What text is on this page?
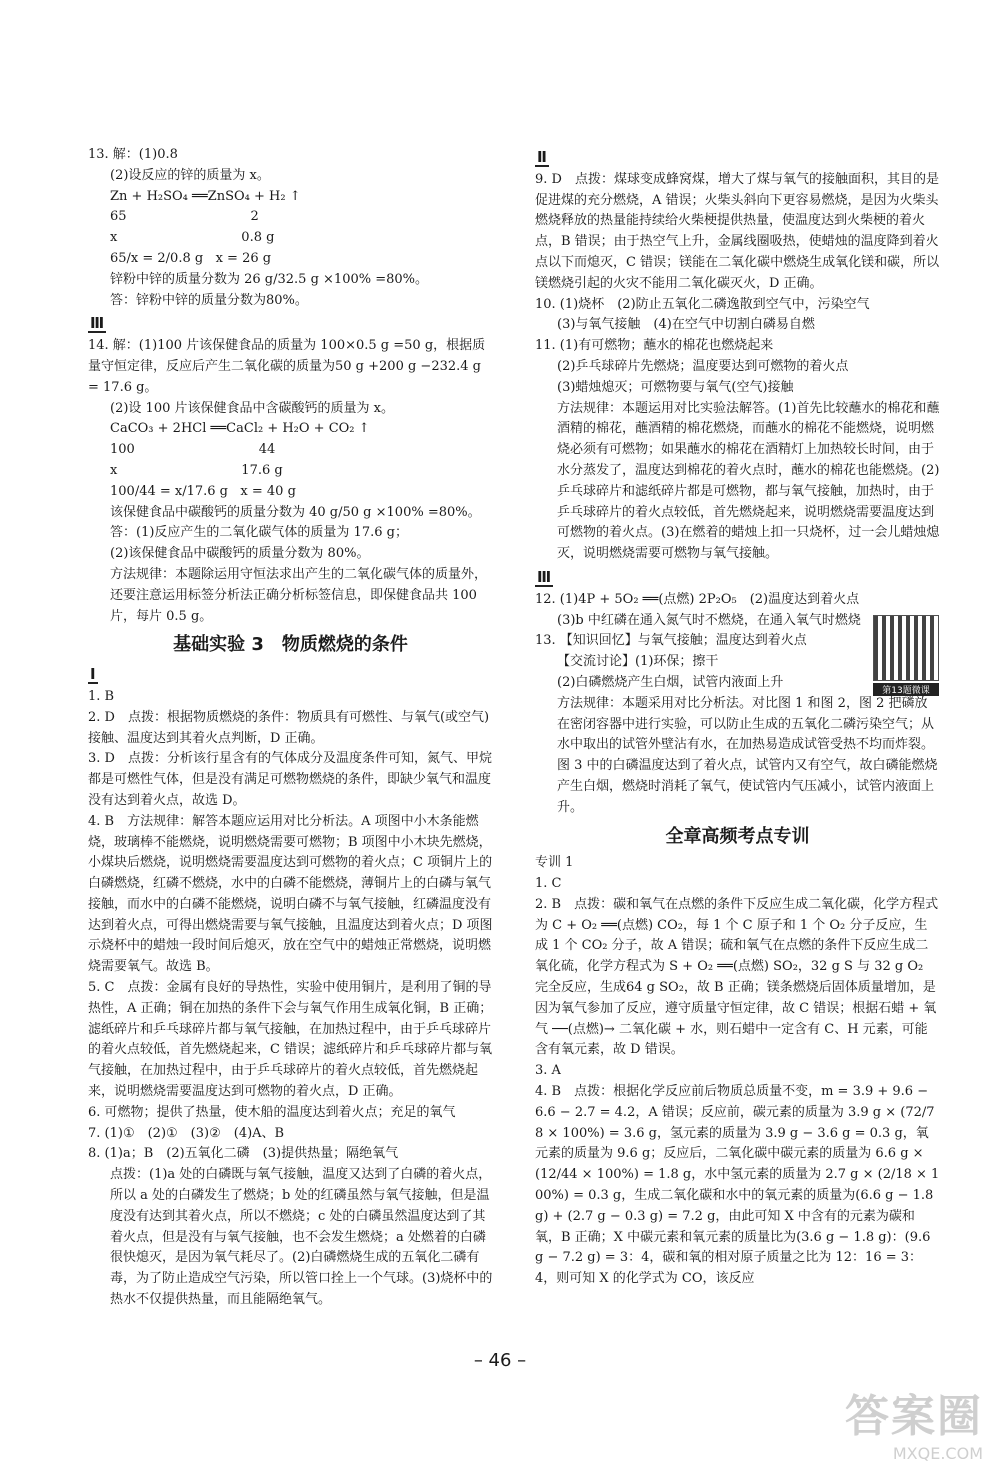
13. 解：(1)0.8
(2)设反应的锌的质量为 x。
Zn + H₂SO₄ ══ZnSO₄ + H₂ ↑
65                              2
x                              0.8 g
65/x = 2/0.8 g   x = 26 g
锌粉中锌的质量分数为 26 g/32.5 g ×100% =80%。
答：锌粉中锌的质量分数为80%。
Ⅲ

14. 解：(1)100 片该保健食品的质量为 100×0.5 g =50 g，根据质量守恒定律，反应后产生二氧化碳的质量为50 g +200 g −232.4 g = 17.6 g。
(2)设 100 片该保健食品中含碳酸钙的质量为 x。
CaCO₃ + 2HCl ══CaCl₂ + H₂O + CO₂ ↑
100                              44
x                              17.6 g
100/44 = x/17.6 g   x = 40 g
该保健食品中碳酸钙的质量分数为 40 g/50 g ×100% =80%。
答：(1)反应产生的二氧化碳气体的质量为 17.6 g；
(2)该保健食品中碳酸钙的质量分数为 80%。
方法规律：本题除运用守恒法求出产生的二氧化碳气体的质量外，还要注意运用标签分析法正确分析标签信息，即保健食品共 100 片，每片 0.5 g。
基础实验 3　物质燃烧的条件
Ⅰ

1. B
2. D　点拨：根据物质燃烧的条件：物质具有可燃性、与氧气(或空气)接触、温度达到其着火点判断，D 正确。
3. D　点拨：分析该行星含有的气体成分及温度条件可知，氮气、甲烷都是可燃性气体，但是没有满足可燃物燃烧的条件，即缺少氧气和温度没有达到着火点，故选 D。
4. B　方法规律：解答本题应运用对比分析法。A 项图中小木条能燃烧，玻璃棒不能燃烧，说明燃烧需要可燃物；B 项图中小木块先燃烧，小煤块后燃烧，说明燃烧需要温度达到可燃物的着火点；C 项铜片上的白磷燃烧，红磷不燃烧，水中的白磷不能燃烧，薄铜片上的白磷与氧气接触，而水中的白磷不能燃烧，说明白磷不与氧气接触，红磷温度没有达到着火点，可得出燃烧需要与氧气接触，且温度达到着火点；D 项图示烧杯中的蜡烛一段时间后熄灭，放在空气中的蜡烛正常燃烧，说明燃烧需要氧气。故选 B。
5. C　点拨：金属有良好的导热性，实验中使用铜片，是利用了铜的导热性，A 正确；铜在加热的条件下会与氧气作用生成氧化铜，B 正确；滤纸碎片和乒乓球碎片都与氧气接触，在加热过程中，由于乒乓球碎片的着火点较低，首先燃烧起来，C 错误；滤纸碎片和乒乓球碎片都与氧气接触，在加热过程中，由于乒乓球碎片的着火点较低，首先燃烧起来，说明燃烧需要温度达到可燃物的着火点，D 正确。
6. 可燃物；提供了热量，使木船的温度达到着火点；充足的氧气
7. (1)①　(2)①　(3)②　(4)A、B
8. (1)a；B　(2)五氧化二磷　(3)提供热量；隔绝氧气
点拨：(1)a 处的白磷既与氧气接触，温度又达到了白磷的着火点，所以 a 处的白磷发生了燃烧；b 处的红磷虽然与氧气接触，但是温度没有达到其着火点，所以不燃烧；c 处的白磷虽然温度达到了其着火点，但是没有与氧气接触，也不会发生燃烧；a 处燃着的白磷很快熄灭，是因为氧气耗尽了。(2)白磷燃烧生成的五氧化二磷有毒，为了防止造成空气污染，所以管口拴上一个气球。(3)烧杯中的热水不仅提供热量，而且能隔绝氧气。
Ⅱ

9. D　点拨：煤球变成蜂窝煤，增大了煤与氧气的接触面积，其目的是促进煤的充分燃烧，A 错误；火柴头斜向下更容易燃烧，是因为火柴头燃烧释放的热量能持续给火柴梗提供热量，使温度达到火柴梗的着火点，B 错误；由于热空气上升，金属线圈吸热，使蜡烛的温度降到着火点以下而熄灭，C 错误；镁能在二氧化碳中燃烧生成氧化镁和碳，所以镁燃烧引起的火灾不能用二氧化碳灭火，D 正确。
10. (1)烧杯　(2)防止五氧化二磷逸散到空气中，污染空气
(3)与氧气接触　(4)在空气中切割白磷易自燃
11. (1)有可燃物；蘸水的棉花也燃烧起来
(2)乒乓球碎片先燃烧；温度要达到可燃物的着火点
(3)蜡烛熄灭；可燃物要与氧气(空气)接触
方法规律：本题运用对比实验法解答。(1)首先比较蘸水的棉花和蘸酒精的棉花，蘸酒精的棉花燃烧，而蘸水的棉花不能燃烧，说明燃烧必须有可燃物；如果蘸水的棉花在酒精灯上加热较长时间，由于水分蒸发了，温度达到棉花的着火点时，蘸水的棉花也能燃烧。(2)乒乓球碎片和滤纸碎片都是可燃物，都与氧气接触，加热时，由于乒乓球碎片的着火点较低，首先燃烧起来，说明燃烧需要温度达到可燃物的着火点。(3)在燃着的蜡烛上扣一只烧杯，过一会儿蜡烛熄灭，说明燃烧需要可燃物与氧气接触。
Ⅲ

12. (1)4P + 5O₂ ══(点燃) 2P₂O₅　(2)温度达到着火点
(3)b 中红磷在通入氮气时不燃烧，在通入氧气时燃烧
13. 【知识回忆】与氧气接触；温度达到着火点
【交流讨论】(1)环保；擦干
(2)白磷燃烧产生白烟，试管内液面上升
方法规律：本题采用对比分析法。对比图 1 和图 2，图 2 把磷放在密闭容器中进行实验，可以防止生成的五氧化二磷污染空气；从水中取出的试管外壁沾有水，在加热易造成试管受热不均而炸裂。图 3 中的白磷温度达到了着火点，试管内又有空气，故白磷能燃烧产生白烟，燃烧时消耗了氧气，使试管内气压减小，试管内液面上升。
全章高频考点专训
专训 1
1. C
2. B　点拨：碳和氧气在点燃的条件下反应生成二氧化碳，化学方程式为 C + O₂ ══(点燃) CO₂，每 1 个 C 原子和 1 个 O₂ 分子反应，生成 1 个 CO₂ 分子，故 A 错误；硫和氧气在点燃的条件下反应生成二氧化硫，化学方程式为 S + O₂ ══(点燃) SO₂，32 g S 与 32 g O₂ 完全反应，生成64 g SO₂，故 B 正确；镁条燃烧后固体质量增加，是因为氧气参加了反应，遵守质量守恒定律，故 C 错误；根据石蜡 + 氧气 ──(点燃)→ 二氧化碳 + 水，则石蜡中一定含有 C、H 元素，可能含有氧元素，故 D 错误。
3. A
4. B　点拨：根据化学反应前后物质总质量不变，m = 3.9 + 9.6 − 6.6 − 2.7 = 4.2，A 错误；反应前，碳元素的质量为 3.9 g × (72/78 × 100%) = 3.6 g，氢元素的质量为 3.9 g − 3.6 g = 0.3 g，氧元素的质量为 9.6 g；反应后，二氧化碳中碳元素的质量为 6.6 g × (12/44 × 100%) = 1.8 g，水中氢元素的质量为 2.7 g × (2/18 × 100%) = 0.3 g，生成二氧化碳和水中的氧元素的质量为(6.6 g − 1.8 g) + (2.7 g − 0.3 g) = 7.2 g，由此可知 X 中含有的元素为碳和氧，B 正确；X 中碳元素和氧元素的质量比为(3.6 g − 1.8 g)：(9.6 g − 7.2 g) = 3：4，碳和氧的相对原子质量之比为 12：16 = 3：4，则可知 X 的化学式为 CO，该反应
第13题微课
– 46 –
答案圈
MXQE.COM
